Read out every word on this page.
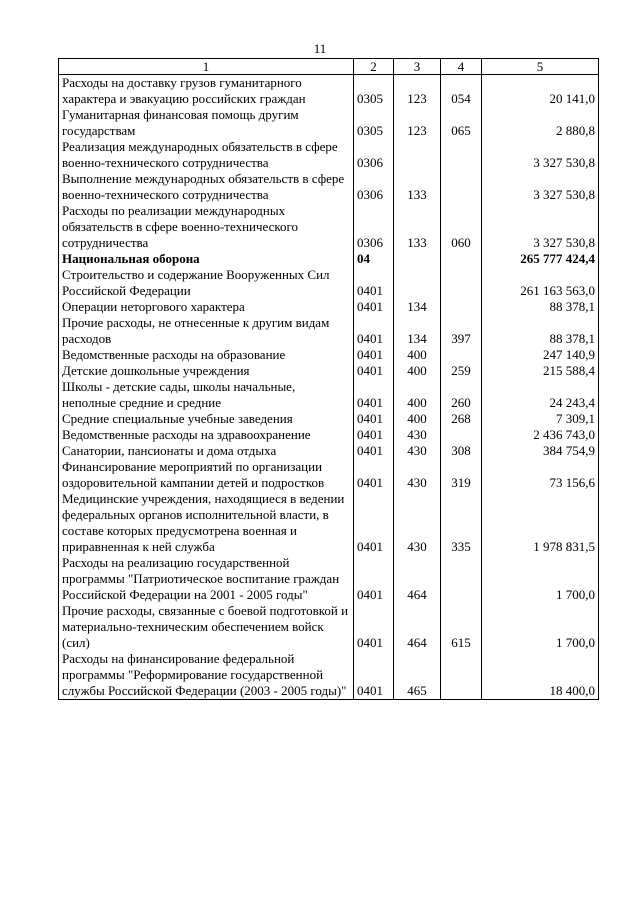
11
1	2	3	4	5
Расходы на доставку грузов гуманитарного характера и эвакуацию российских граждан	0305	123	054	20 141,0
Гуманитарная финансовая помощь другим государствам	0305	123	065	2 880,8
Реализация международных обязательств в сфере военно-технического сотрудничества	0306			3 327 530,8
Выполнение международных обязательств в сфере военно-технического сотрудничества	0306	133		3 327 530,8
Расходы по реализации международных обязательств в сфере военно-технического сотрудничества	0306	133	060	3 327 530,8
Национальная оборона	04			265 777 424,4
Строительство и содержание Вооруженных Сил Российской Федерации	0401			261 163 563,0
Операции неторгового характера	0401	134		88 378,1
Прочие расходы, не отнесенные к другим видам расходов	0401	134	397	88 378,1
Ведомственные расходы на образование	0401	400		247 140,9
Детские дошкольные учреждения	0401	400	259	215 588,4
Школы - детские сады, школы начальные, неполные средние и средние	0401	400	260	24 243,4
Средние специальные учебные заведения	0401	400	268	7 309,1
Ведомственные расходы на здравоохранение	0401	430		2 436 743,0
Санатории, пансионаты и дома отдыха	0401	430	308	384 754,9
Финансирование мероприятий по организации оздоровительной кампании детей и подростков	0401	430	319	73 156,6
Медицинские учреждения, находящиеся в ведении федеральных органов исполнительной власти, в составе которых предусмотрена военная и приравненная к ней служба	0401	430	335	1 978 831,5
Расходы на реализацию государственной программы "Патриотическое воспитание граждан Российской Федерации на 2001 - 2005 годы"	0401	464		1 700,0
Прочие расходы, связанные с боевой подготовкой и материально-техническим обеспечением войск (сил)	0401	464	615	1 700,0
Расходы на финансирование федеральной программы "Реформирование государственной службы Российской Федерации (2003 - 2005 годы)"	0401	465		18 400,0
